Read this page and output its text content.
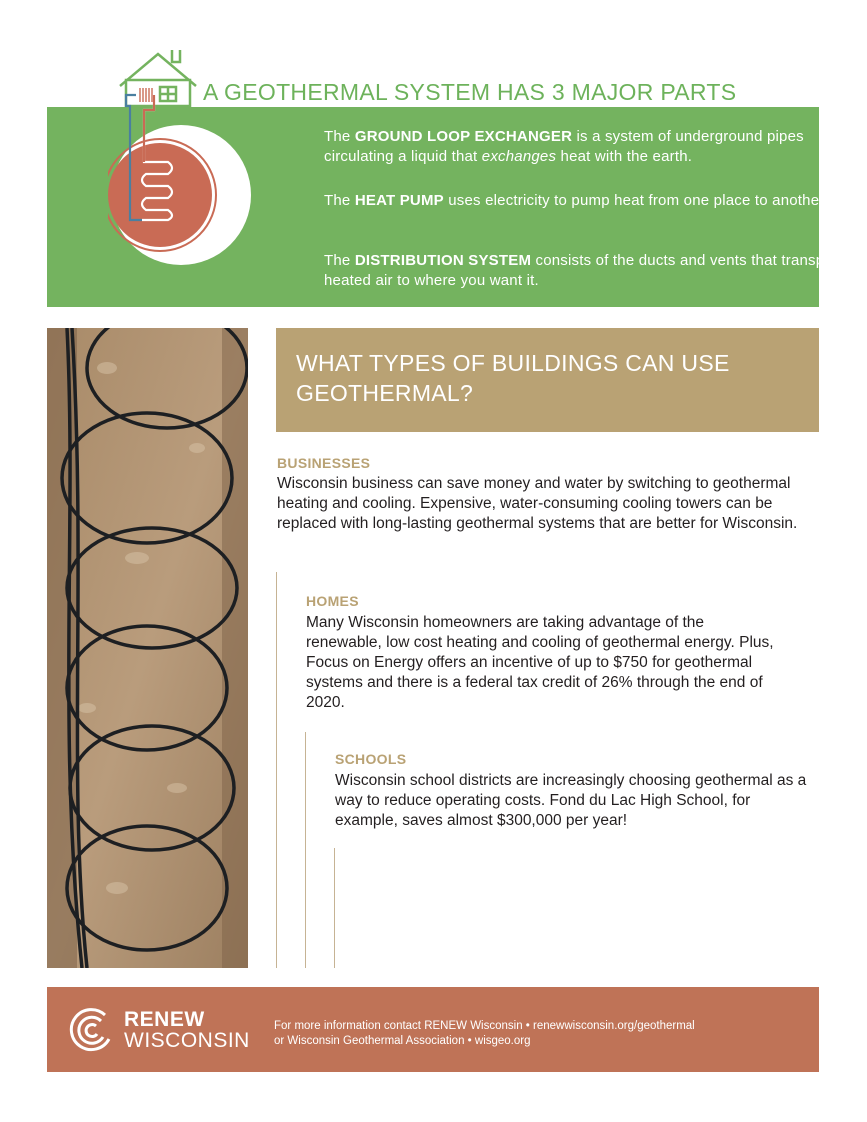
A GEOTHERMAL SYSTEM HAS 3 MAJOR PARTS

The GROUND LOOP EXCHANGER is a system of underground pipes circulating a liquid that exchanges heat with the earth.

The HEAT PUMP uses electricity to pump heat from one place to another.

The DISTRIBUTION SYSTEM consists of the ducts and vents that transport heated air to where you want it.

WHAT TYPES OF BUILDINGS CAN USE GEOTHERMAL?
BUSINESSES
Wisconsin business can save money and water by switching to geothermal heating and cooling. Expensive, water-consuming cooling towers can be replaced with long-lasting geothermal systems that are better for Wisconsin.
HOMES
Many Wisconsin homeowners are taking advantage of the renewable, low cost heating and cooling of geothermal energy. Plus, Focus on Energy offers an incentive of up to $750 for geothermal systems and there is a federal tax credit of 26% through the end of 2020.
SCHOOLS
Wisconsin school districts are increasingly choosing geothermal as a way to reduce operating costs. Fond du Lac High School, for example, saves almost $300,000 per year!
RENEW
WISCONSIN
For more information contact RENEW Wisconsin • renewwisconsin.org/geothermal
or Wisconsin Geothermal Association • wisgeo.org
